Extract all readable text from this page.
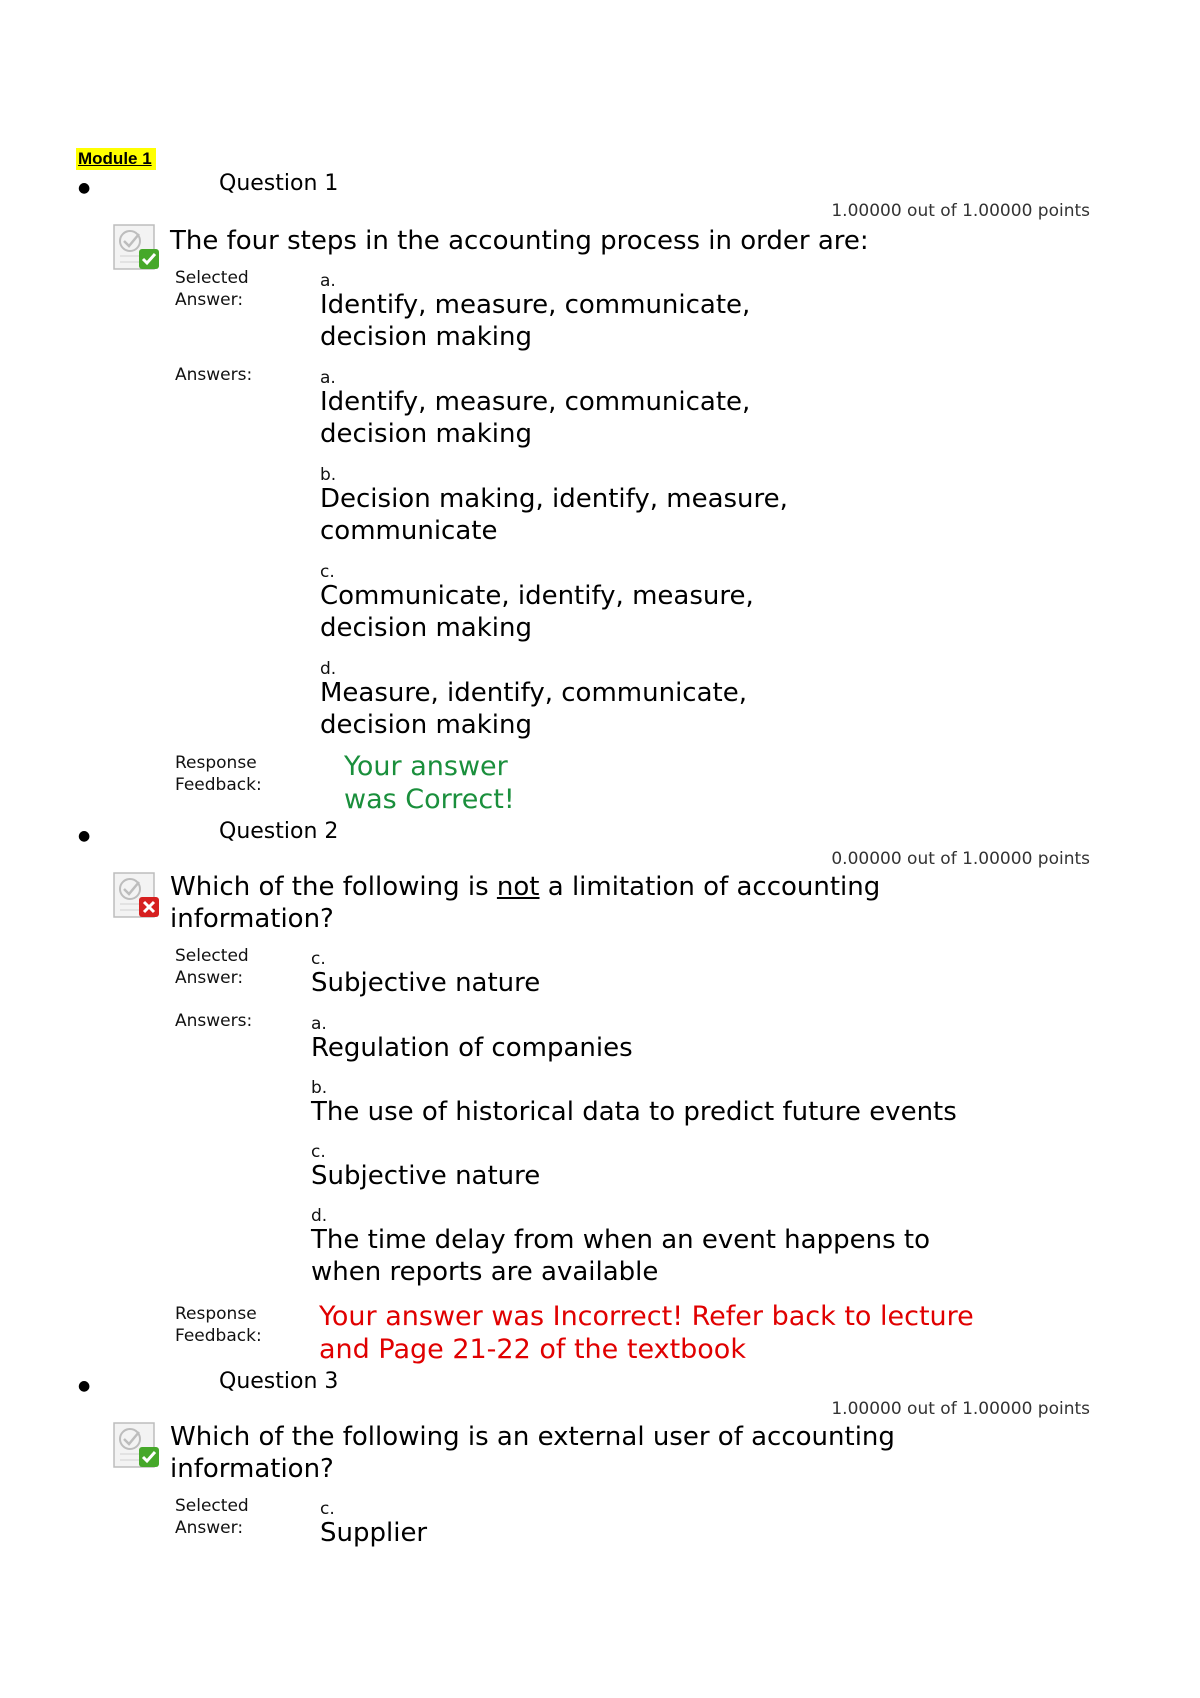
Module 1
●	Question 1
1.00000 out of 1.00000 points
The four steps in the accounting process in order are:
Selected Answer:
a.
Identify, measure, communicate, decision making
Answers:	a.
Identify, measure, communicate, decision making
b.
Decision making, identify, measure, communicate
c.
Communicate, identify, measure, decision making
d.
Measure, identify, communicate, decision making
Response Feedback:
Your answer was Correct!
●	Question 2
0.00000 out of 1.00000 points
Which of the following is not a limitation of accounting information?
Selected Answer:
c.
Subjective nature
Answers:	a.
Regulation of companies
b.
The use of historical data to predict future events
c.
Subjective nature
d.
The time delay from when an event happens to when reports are available
Response Feedback:
Your answer was Incorrect! Refer back to lecture and Page 21-22 of the textbook
●	Question 3
1.00000 out of 1.00000 points
Which of the following is an external user of accounting information?
Selected Answer:
c.
Supplier
